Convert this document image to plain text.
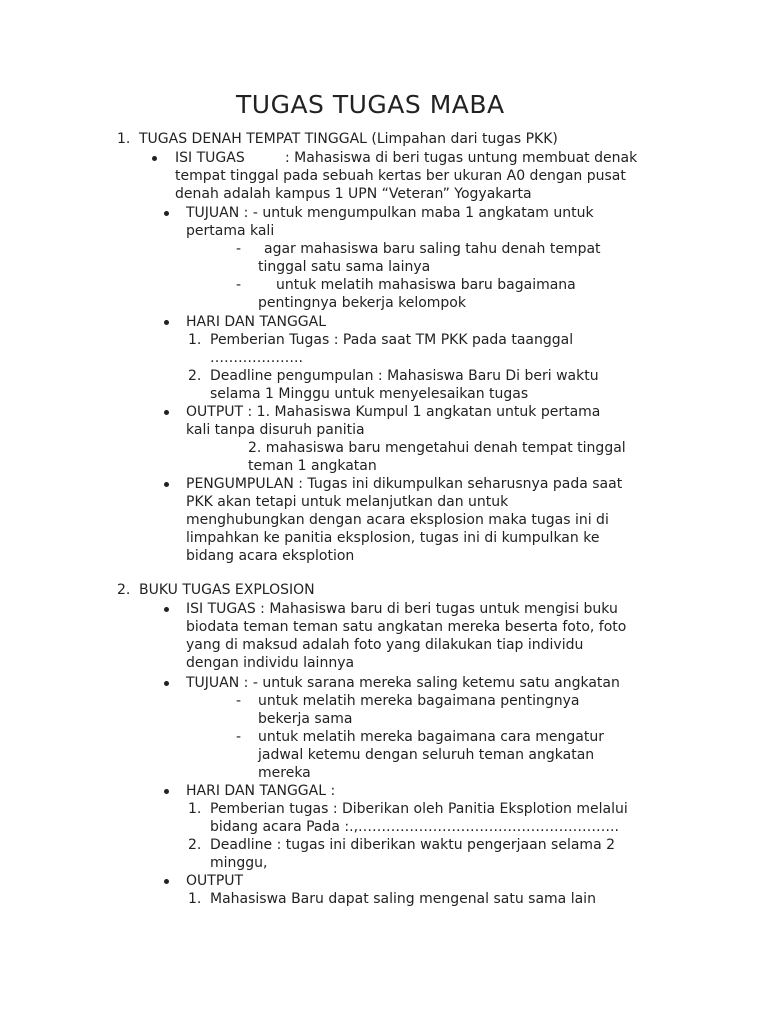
TUGAS TUGAS MABA
1. TUGAS DENAH TEMPAT TINGGAL (Limpahan dari tugas PKK)
ISI TUGAS	: Mahasiswa di beri tugas untung membuat denak
tempat tinggal pada sebuah kertas ber ukuran A0 dengan pusat
denah adalah kampus 1 UPN “Veteran” Yogyakarta
TUJUAN : - untuk mengumpulkan maba 1 angkatam untuk
pertama kali
- agar mahasiswa baru saling tahu denah tempat
tinggal satu sama lainya
- untuk melatih mahasiswa baru bagaimana
pentingnya bekerja kelompok
HARI DAN TANGGAL
1. Pemberian Tugas : Pada saat TM PKK pada taanggal
………………..
2. Deadline pengumpulan : Mahasiswa Baru Di beri waktu
selama 1 Minggu untuk menyelesaikan tugas
OUTPUT : 1. Mahasiswa Kumpul 1 angkatan untuk pertama
kali tanpa disuruh panitia
2. mahasiswa baru mengetahui denah tempat tinggal
teman 1 angkatan
PENGUMPULAN : Tugas ini dikumpulkan seharusnya pada saat
PKK akan tetapi untuk melanjutkan dan untuk
menghubungkan dengan acara eksplosion maka tugas ini di
limpahkan ke panitia eksplosion, tugas ini di kumpulkan ke
bidang acara eksplotion
2. BUKU TUGAS EXPLOSION
ISI TUGAS : Mahasiswa baru di beri tugas untuk mengisi buku
biodata teman teman satu angkatan mereka beserta foto, foto
yang di maksud adalah foto yang dilakukan tiap individu
dengan individu lainnya
TUJUAN : - untuk sarana mereka saling ketemu satu angkatan
- untuk melatih mereka bagaimana pentingnya
bekerja sama
- untuk melatih mereka bagaimana cara mengatur
jadwal ketemu dengan seluruh teman angkatan
mereka
HARI DAN TANGGAL :
1. Pemberian tugas : Diberikan oleh Panitia Eksplotion melalui
bidang acara Pada :.,………………………………………………..
2. Deadline : tugas ini diberikan waktu pengerjaan selama 2
minggu,
OUTPUT
1. Mahasiswa Baru dapat saling mengenal satu sama lain
